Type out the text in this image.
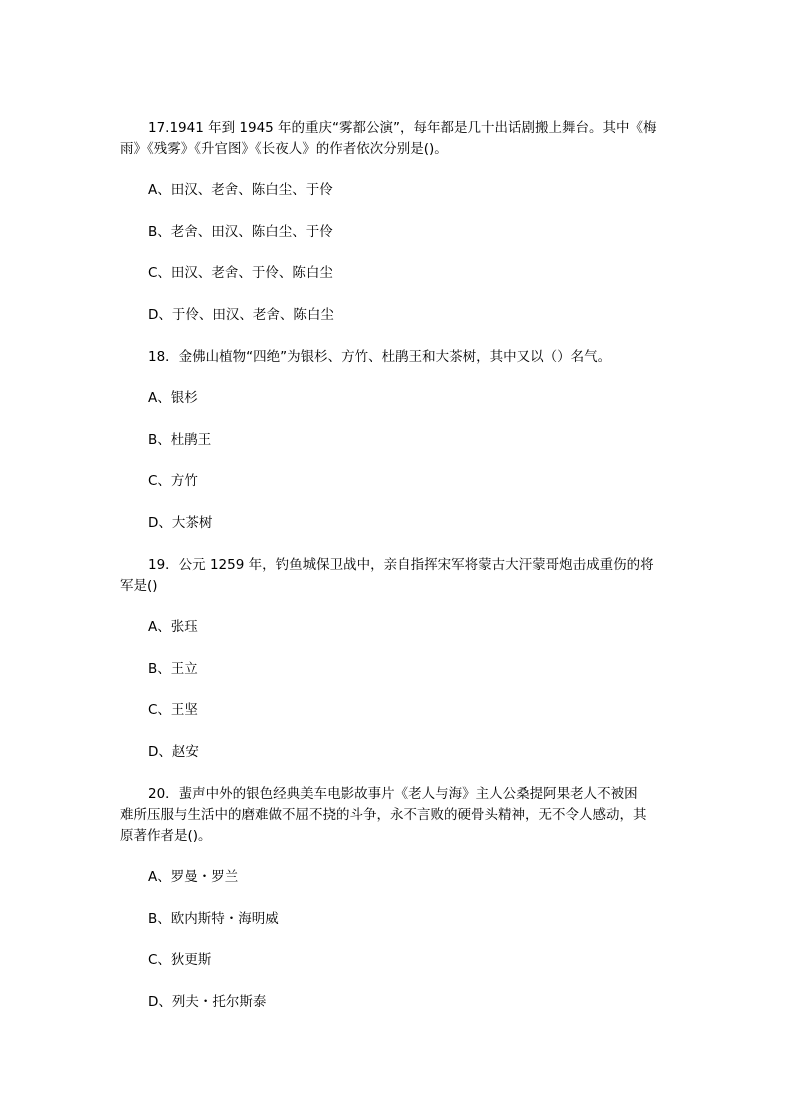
17.1941 年到 1945 年的重庆“雾都公演”，每年都是几十出话剧搬上舞台。其中《梅
雨》《残雾》《升官图》《长夜人》的作者依次分别是()。
A、田汉、老舍、陈白尘、于伶
B、老舍、田汉、陈白尘、于伶
C、田汉、老舍、于伶、陈白尘
D、于伶、田汉、老舍、陈白尘
18．金佛山植物“四绝”为银杉、方竹、杜鹃王和大茶树，其中又以（）名气。
A、银杉
B、杜鹃王
C、方竹
D、大茶树
19．公元 1259 年，钓鱼城保卫战中，亲自指挥宋军将蒙古大汗蒙哥炮击成重伤的将
军是()
A、张珏
B、王立
C、王坚
D、赵安
20．蜚声中外的银色经典美车电影故事片《老人与海》主人公桑提阿果老人不被困
难所压服与生活中的磨难做不屈不挠的斗争，永不言败的硬骨头精神，无不令人感动，其
原著作者是()。
A、罗曼・罗兰
B、欧内斯特・海明威
C、狄更斯
D、列夫・托尔斯泰
